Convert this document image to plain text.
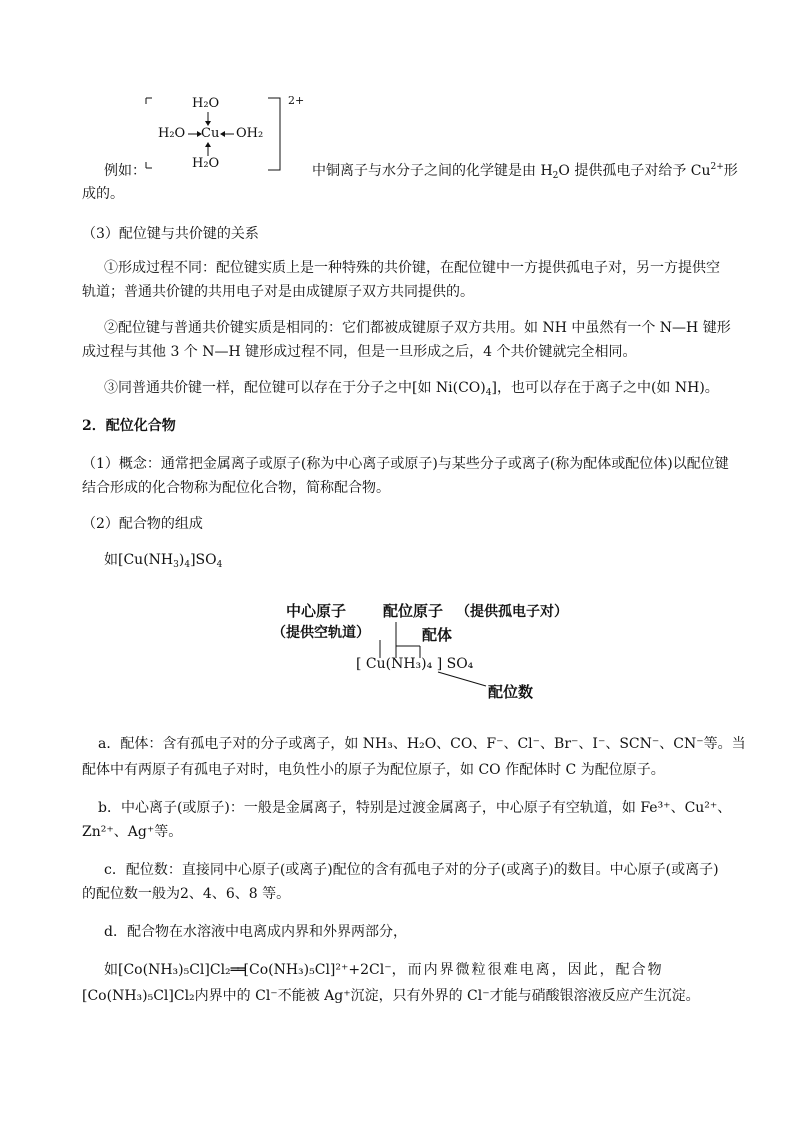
H₂O
H₂O Cu OH₂
H₂O
2+
例如：	中铜离子与水分子之间的化学键是由 $H_2O$ 提供孤电子对给予 $Cu^{2+}$形
成的。
（3）配位键与共价键的关系
①形成过程不同：配位键实质上是一种特殊的共价键，在配位键中一方提供孤电子对，另一方提供空
轨道；普通共价键的共用电子对是由成键原子双方共同提供的。
②配位键与普通共价键实质是相同的：它们都被成键原子双方共用。如 NH 中虽然有一个 N—H 键形
成过程与其他 3 个 N—H 键形成过程不同，但是一旦形成之后，4 个共价键就完全相同。
③同普通共价键一样，配位键可以存在于分子之中[如 $Ni(CO)_4$]，也可以存在于离子之中(如 NH)。
2．配位化合物
（1）概念：通常把金属离子或原子(称为中心离子或原子)与某些分子或离子(称为配体或配位体)以配位键
结合形成的化合物称为配位化合物，简称配合物。
（2）配合物的组成
如$[Cu(NH_3)_4]SO_4$
中心原子
（提供空轨道）
配位原子 （提供孤电子对）
配体
[ Cu(NH₃)₄ ] SO₄
配位数
a．配体：含有孤电子对的分子或离子，如 NH₃、H₂O、CO、F⁻、Cl⁻、Br⁻、I⁻、SCN⁻、CN⁻等。当
配体中有两原子有孤电子对时，电负性小的原子为配位原子，如 CO 作配体时 C 为配位原子。
b．中心离子(或原子)：一般是金属离子，特别是过渡金属离子，中心原子有空轨道，如 Fe³⁺、Cu²⁺、
Zn²⁺、Ag⁺等。
c．配位数：直接同中心原子(或离子)配位的含有孤电子对的分子(或离子)的数目。中心原子(或离子)
的配位数一般为2、4、6、8 等。
d．配合物在水溶液中电离成内界和外界两部分，
如[Co(NH₃)₅Cl]Cl₂══[Co(NH₃)₅Cl]²⁺+2Cl⁻，而内界微粒很难电离，因此，配合物
[Co(NH₃)₅Cl]Cl₂内界中的 Cl⁻不能被 Ag⁺沉淀，只有外界的 Cl⁻才能与硝酸银溶液反应产生沉淀。
